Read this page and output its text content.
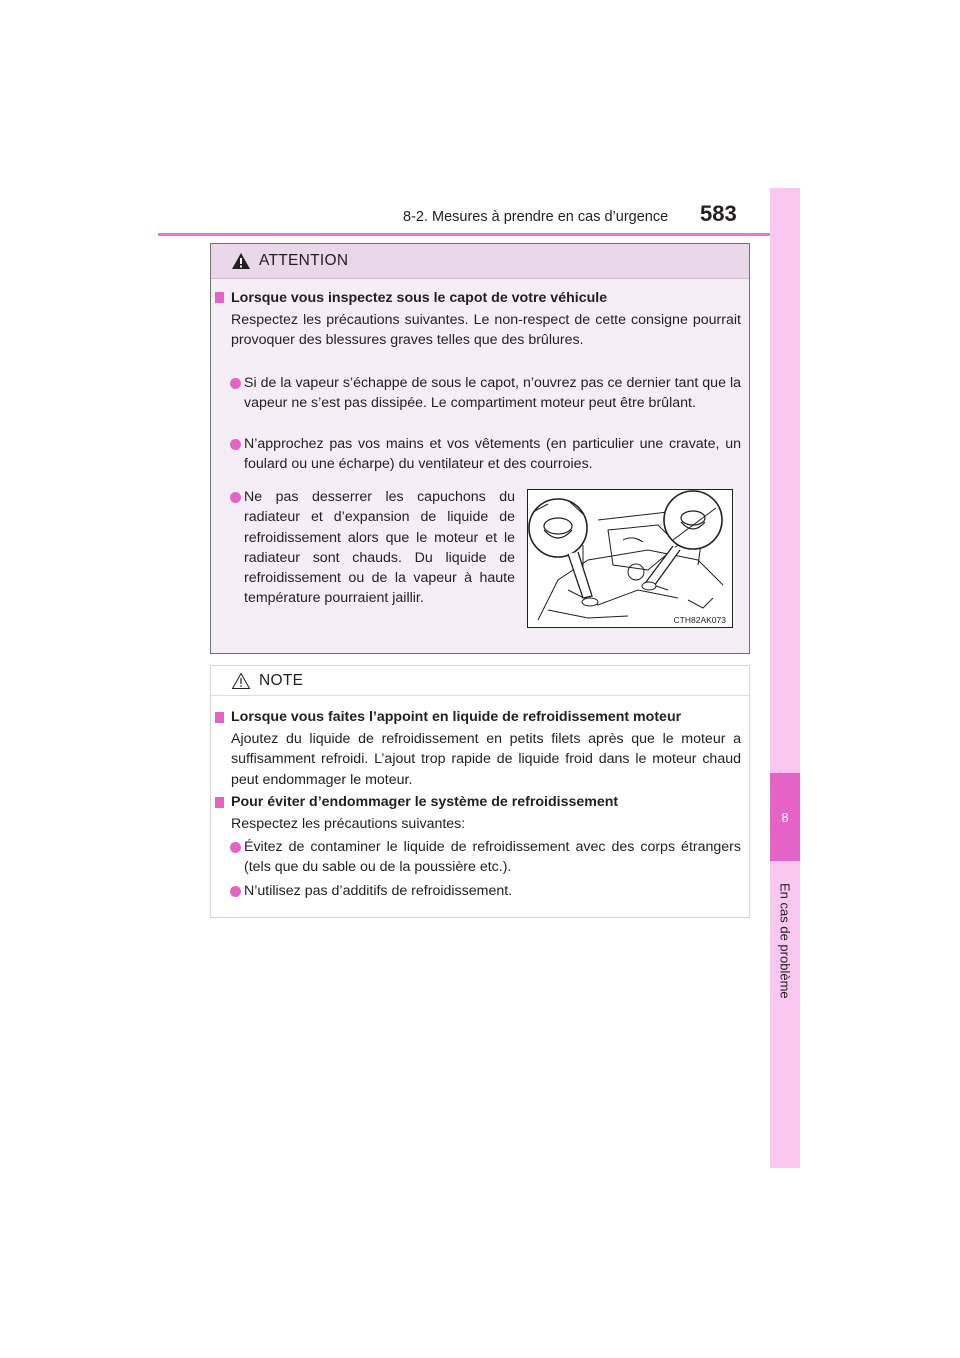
8-2. Mesures à prendre en cas d’urgence 583
8
En cas de problème
ATTENTION
Lorsque vous inspectez sous le capot de votre véhicule
Respectez les précautions suivantes. Le non-respect de cette consigne pourrait provoquer des blessures graves telles que des brûlures.
Si de la vapeur s’échappe de sous le capot, n’ouvrez pas ce dernier tant que la vapeur ne s’est pas dissipée. Le compartiment moteur peut être brûlant.
N’approchez pas vos mains et vos vêtements (en particulier une cravate, un foulard ou une écharpe) du ventilateur et des courroies.
Ne pas desserrer les capuchons du radiateur et d’expansion de liquide de refroidissement alors que le moteur et le radiateur sont chauds. Du liquide de refroidissement ou de la vapeur à haute température pourraient jaillir.
CTH82AK073
NOTE
Lorsque vous faites l’appoint en liquide de refroidissement moteur
Ajoutez du liquide de refroidissement en petits filets après que le moteur a suffisamment refroidi. L’ajout trop rapide de liquide froid dans le moteur chaud peut endommager le moteur.
Pour éviter d’endommager le système de refroidissement
Respectez les précautions suivantes:
Évitez de contaminer le liquide de refroidissement avec des corps étrangers (tels que du sable ou de la poussière etc.).
N’utilisez pas d’additifs de refroidissement.
